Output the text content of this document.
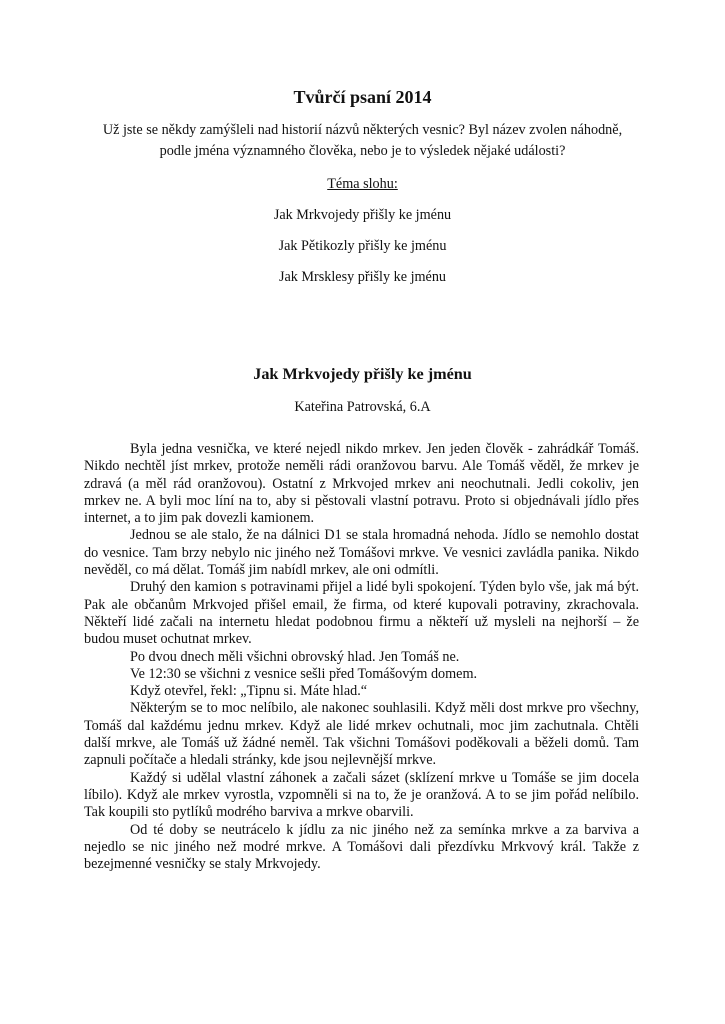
Tvůrčí psaní 2014

Už jste se někdy zamýšleli nad historií názvů některých vesnic? Byl název zvolen náhodně, podle jména významného člověka, nebo je to výsledek nějaké události?

Téma slohu:

Jak Mrkvojedy přišly ke jménu

Jak Pětikozly přišly ke jménu

Jak Mrsklesy přišly ke jménu

Jak Mrkvojedy přišly ke jménu

Kateřina Patrovská, 6.A

Byla jedna vesnička, ve které nejedl nikdo mrkev. Jen jeden člověk - zahrádkář Tomáš. Nikdo nechtěl jíst mrkev, protože neměli rádi oranžovou barvu. Ale Tomáš věděl, že mrkev je zdravá (a měl rád oranžovou). Ostatní z Mrkvojed mrkev ani neochutnali. Jedli cokoliv, jen mrkev ne. A byli moc líní na to, aby si pěstovali vlastní potravu. Proto si objednávali jídlo přes internet, a to jim pak dovezli kamionem.

Jednou se ale stalo, že na dálnici D1 se stala hromadná nehoda. Jídlo se nemohlo dostat do vesnice. Tam brzy nebylo nic jiného než Tomášovi mrkve. Ve vesnici zavládla panika. Nikdo nevěděl, co má dělat. Tomáš jim nabídl mrkev, ale oni odmítli.

Druhý den kamion s potravinami přijel a lidé byli spokojení. Týden bylo vše, jak má být. Pak ale občanům Mrkvojed přišel email, že firma, od které kupovali potraviny, zkrachovala. Někteří lidé začali na internetu hledat podobnou firmu a někteří už mysleli na nejhorší – že budou muset ochutnat mrkev.

Po dvou dnech měli všichni obrovský hlad. Jen Tomáš ne.

Ve 12:30 se všichni z vesnice sešli před Tomášovým domem.

Když otevřel, řekl: „Tipnu si. Máte hlad.“

Některým se to moc nelíbilo, ale nakonec souhlasili. Když měli dost mrkve pro všechny, Tomáš dal každému jednu mrkev. Když ale lidé mrkev ochutnali, moc jim zachutnala. Chtěli další mrkve, ale Tomáš už žádné neměl. Tak všichni Tomášovi poděkovali a běželi domů. Tam zapnuli počítače a hledali stránky, kde jsou nejlevnější mrkve.

Každý si udělal vlastní záhonek a začali sázet (sklízení mrkve u Tomáše se jim docela líbilo). Když ale mrkev vyrostla, vzpomněli si na to, že je oranžová. A to se jim pořád nelíbilo. Tak koupili sto pytlíků modrého barviva a mrkve obarvili.

Od té doby se neutrácelo k jídlu za nic jiného než za semínka mrkve a za barviva a nejedlo se nic jiného než modré mrkve. A Tomášovi dali přezdívku Mrkvový král. Takže z bezejmenné vesničky se staly Mrkvojedy.
